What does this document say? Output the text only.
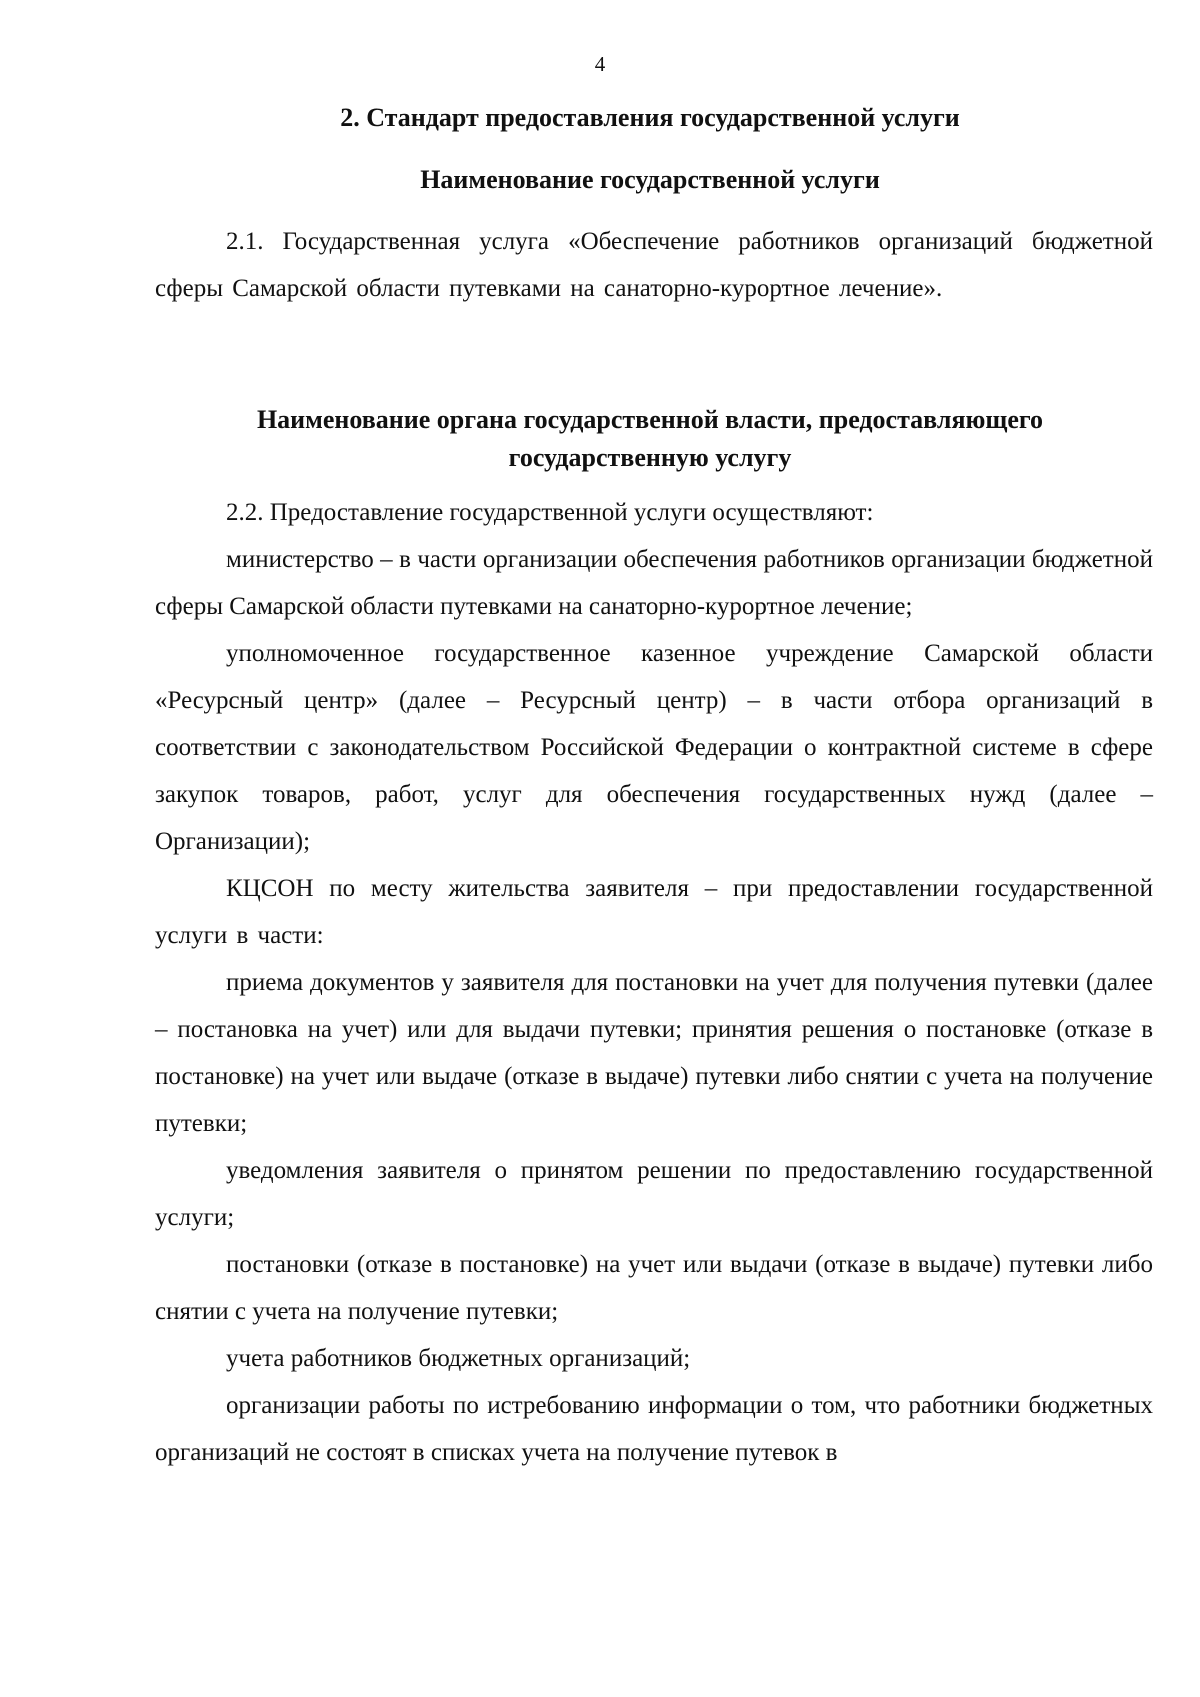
4
2. Стандарт предоставления государственной услуги
Наименование государственной услуги

2.1. Государственная услуга «Обеспечение работников организаций бюджетной сферы Самарской области путевками на санаторно-курортное лечение».

Наименование органа государственной власти, предоставляющего
государственную услугу

2.2. Предоставление государственной услуги осуществляют:

министерство – в части организации обеспечения работников организации бюджетной сферы Самарской области путевками на санаторно-курортное лечение;

уполномоченное государственное казенное учреждение Самарской области «Ресурсный центр» (далее – Ресурсный центр) – в части отбора организаций в соответствии с законодательством Российской Федерации о контрактной системе в сфере закупок товаров, работ, услуг для обеспечения государственных нужд (далее – Организации);

КЦСОН по месту жительства заявителя – при предоставлении государственной услуги в части:

приема документов у заявителя для постановки на учет для получения путевки (далее – постановка на учет) или для выдачи путевки; принятия решения о постановке (отказе в постановке) на учет или выдаче (отказе в выдаче) путевки либо снятии с учета на получение путевки;

уведомления заявителя о принятом решении по предоставлению государственной услуги;

постановки (отказе в постановке) на учет или выдачи (отказе в выдаче) путевки либо снятии с учета на получение путевки;

учета работников бюджетных организаций;

организации работы по истребованию информации о том, что работники бюджетных организаций не состоят в списках учета на получение путевок в
